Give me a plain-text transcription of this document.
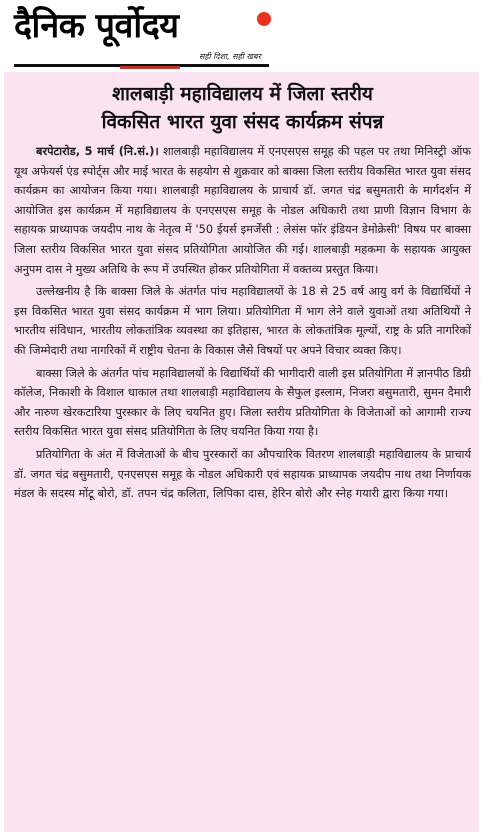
दैनिक पूर्वोदय
सही दिशा, सही खबर
शालबाड़ी महाविद्यालय में जिला स्तरीय
विकसित भारत युवा संसद कार्यक्रम संपन्न

बरपेटारोड, 5 मार्च (नि.सं.)। शालबाड़ी महाविद्यालय में एनएसएस समूह की पहल पर तथा मिनिस्ट्री ऑफ यूथ अफेयर्स एंड स्पोर्ट्स और माई भारत के सहयोग से शुक्रवार को बाक्सा जिला स्तरीय विकसित भारत युवा संसद कार्यक्रम का आयोजन किया गया। शालबाड़ी महाविद्यालय के प्राचार्य डॉ. जगत चंद्र बसुमतारी के मार्गदर्शन में आयोजित इस कार्यक्रम में महाविद्यालय के एनएसएस समूह के नोडल अधिकारी तथा प्राणी विज्ञान विभाग के सहायक प्राध्यापक जयदीप नाथ के नेतृत्व में '50 ईयर्स इमर्जेंसी : लेसंस फॉर इंडियन डेमोक्रेसी' विषय पर बाक्सा जिला स्तरीय विकसित भारत युवा संसद प्रतियोगिता आयोजित की गई। शालबाड़ी महकमा के सहायक आयुक्त अनुपम दास ने मुख्य अतिथि के रूप में उपस्थित होकर प्रतियोगिता में वक्तव्य प्रस्तुत किया।

उल्लेखनीय है कि बाक्सा जिले के अंतर्गत पांच महाविद्यालयों के 18 से 25 वर्ष आयु वर्ग के विद्यार्थियों ने इस विकसित भारत युवा संसद कार्यक्रम में भाग लिया। प्रतियोगिता में भाग लेने वाले युवाओं तथा अतिथियों ने भारतीय संविधान, भारतीय लोकतांत्रिक व्यवस्था का इतिहास, भारत के लोकतांत्रिक मूल्यों, राष्ट्र के प्रति नागरिकों की जिम्मेदारी तथा नागरिकों में राष्ट्रीय चेतना के विकास जैसे विषयों पर अपने विचार व्यक्त किए।

बाक्सा जिले के अंतर्गत पांच महाविद्यालयों के विद्यार्थियों की भागीदारी वाली इस प्रतियोगिता में ज्ञानपीठ डिग्री कॉलेज, निकाशी के विशाल धाकाल तथा शालबाड़ी महाविद्यालय के सैफुल इस्लाम, निजरा बसुमतारी, सुमन दैमारी और नारुण खेरकटारिया पुरस्कार के लिए चयनित हुए। जिला स्तरीय प्रतियोगिता के विजेताओं को आगामी राज्य स्तरीय विकसित भारत युवा संसद प्रतियोगिता के लिए चयनित किया गया है।

प्रतियोगिता के अंत में विजेताओं के बीच पुरस्कारों का औपचारिक वितरण शालबाड़ी महाविद्यालय के प्राचार्य डॉ. जगत चंद्र बसुमतारी, एनएसएस समूह के नोडल अधिकारी एवं सहायक प्राध्यापक जयदीप नाथ तथा निर्णायक मंडल के सदस्य मोंटू बोरो, डॉ. तपन चंद्र कलिता, लिपिका दास, हेरिन बोरो और स्नेह गयारी द्वारा किया गया।
